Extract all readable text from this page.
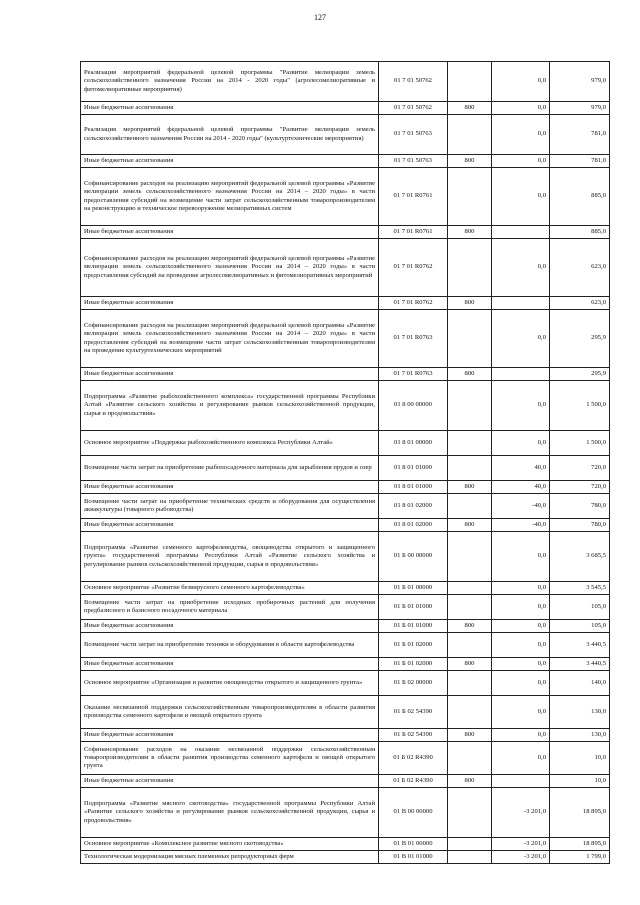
127
Реализация мероприятий федеральной целевой программы "Развитие мелиорации земель сельскохозяйственного назначения России на 2014 - 2020 годы" (агролесомелиоративные и фитомелиоративные мероприятия)	01 7 01 50762		0,0	979,0
Иные бюджетные ассигнования	01 7 01 50762	800	0,0	979,0
Реализация мероприятий федеральной целевой программы "Развитие мелиорации земель сельскохозяйственного назначения России на 2014 - 2020 годы" (культуртехнические мероприятия)	01 7 01 50763		0,0	781,0
Иные бюджетные ассигнования	01 7 01 50763	800	0,0	781,0
Софинансирование расходов на реализацию мероприятий федеральной целевой программы «Развитие мелиорации земель сельскохозяйственного назначения России на 2014 – 2020 годы» в части предоставления субсидий на возмещение части затрат сельскохозяйственным товаропроизводителям на реконструкцию и техническое перевооружение мелиоративных систем	01 7 01 R0761		0,0	885,0
Иные бюджетные ассигнования	01 7 01 R0761	800		885,0
Софинансирование расходов на реализацию мероприятий федеральной целевой программы «Развитие мелиорации земель сельскохозяйственного назначения России на 2014 – 2020 годы» в части предоставления субсидий на проведение агролесомелиоративных и фитомелиоративных мероприятий	01 7 01 R0762		0,0	623,0
Иные бюджетные ассигнования	01 7 01 R0762	800		623,0
Софинансирование расходов на реализацию мероприятий федеральной целевой программы «Развитие мелиорации земель сельскохозяйственного назначения России на 2014 – 2020 годы» в части предоставления субсидий на возмещение части затрат сельскохозяйственным товаропроизводителям на проведение культуртехнических мероприятий	01 7 01 R0763		0,0	295,9
Иные бюджетные ассигнования	01 7 01 R0763	800		295,9
Подпрограмма «Развитие рыбохозяйственного комплекса» государственной программы Республики Алтай «Развитие сельского хозяйства и регулирование рынков сельскохозяйственной продукции, сырья и продовольствия»	01 8 00 00000		0,0	1 500,0
Основное мероприятие «Поддержка рыбохозяйственного комплекса Республики Алтай»	01 8 01 00000		0,0	1 500,0
Возмещение части затрат на приобретение рыбопосадочного материала для зарыбления прудов и озер	01 8 01 01000		40,0	720,0
Иные бюджетные ассигнования	01 8 01 01000	800	40,0	720,0
Возмещение части затрат на приобретение технических средств и оборудования для осуществления аквакультуры (товарного рыбоводства)	01 8 01 02000		-40,0	780,0
Иные бюджетные ассигнования	01 8 01 02000	800	-40,0	780,0
Подпрограмма «Развитие семенного картофелеводства, овощеводства открытого и защищенного грунта» государственной программы Республики Алтай «Развитие сельского хозяйства и регулирование рынков сельскохозяйственной продукции, сырья и продовольствия»	01 Б 00 00000		0,0	3 685,5
Основное мероприятие «Развитие безвирусного семенного картофелеводства»	01 Б 01 00000		0,0	3 545,5
Возмещение части затрат на приобретение исходных пробирочных растений для получения предбазисного и базисного посадочного материала	01 Б 01 01000		0,0	105,0
Иные бюджетные ассигнования	01 Б 01 01000	800	0,0	105,0
Возмещение части затрат на приобретение техники и оборудования в области картофелеводства	01 Б 01 02000		0,0	3 440,5
Иные бюджетные ассигнования	01 Б 01 02000	800	0,0	3 440,5
Основное мероприятие «Организация и развитие овощеводства открытого и защищенного грунта»	01 Б 02 00000		0,0	140,0
Оказание несвязанной поддержки сельскохозяйственным товаропроизводителям в области развития производства семенного картофеля и овощей открытого грунта	01 Б 02 54390		0,0	130,0
Иные бюджетные ассигнования	01 Б 02 54390	800	0,0	130,0
Софинансирование расходов на оказание несвязанной поддержки сельскохозяйственным товаропроизводителям в области развития производства семенного картофеля и овощей открытого грунта	01 Б 02 R4390		0,0	10,0
Иные бюджетные ассигнования	01 Б 02 R4390	800		10,0
Подпрограмма «Развитие мясного скотоводства» государственной программы Республики Алтай «Развитие сельского хозяйства и регулирование рынков сельскохозяйственной продукции, сырья и продовольствия»	01 В 00 00000		-3 201,0	18 895,0
Основное мероприятие «Комплексное развитие мясного скотоводства»	01 В 01 00000		-3 201,0	18 895,0
Технологическая модернизация мясных племенных репродукторных ферм	01 В 01 01000		-3 201,0	1 799,0
